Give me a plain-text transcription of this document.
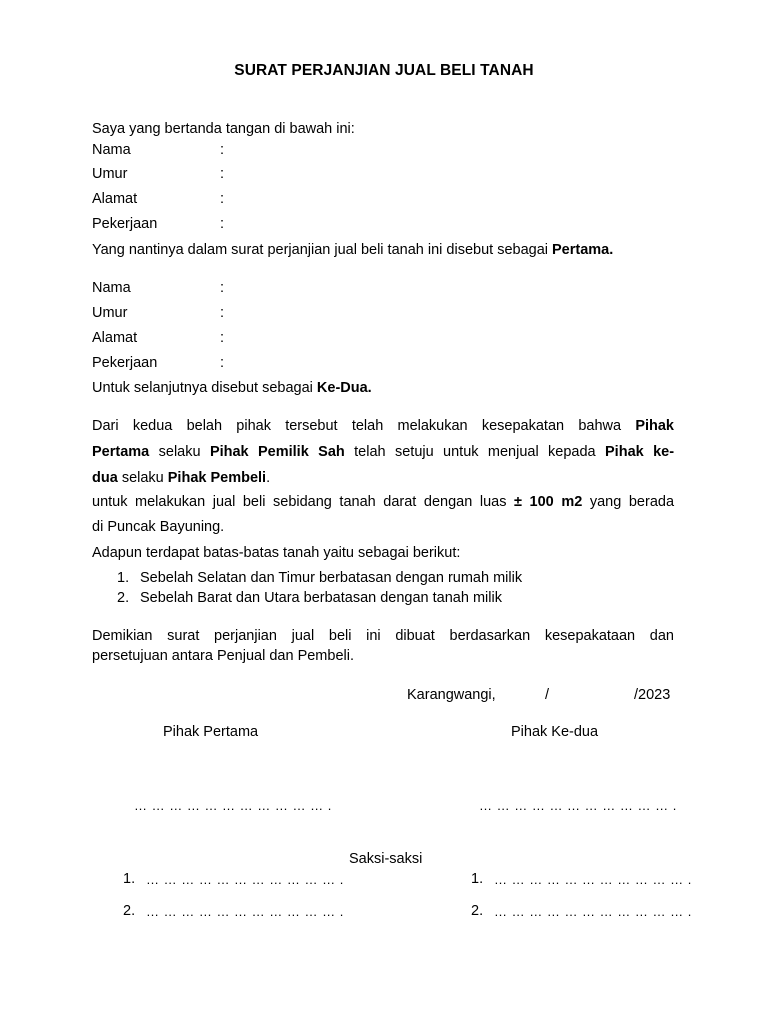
SURAT PERJANJIAN JUAL BELI TANAH
Saya yang bertanda tangan di bawah ini:
Nama	:
Umur	:
Alamat	:
Pekerjaan	:
Yang nantinya dalam surat perjanjian jual beli tanah ini disebut sebagai Pertama.
Nama	:
Umur	:
Alamat	:
Pekerjaan	:
Untuk selanjutnya disebut sebagai Ke-Dua.
Dari kedua belah pihak tersebut telah melakukan kesepakatan bahwa Pihak
Pertama selaku Pihak Pemilik Sah telah setuju untuk menjual kepada Pihak ke-
dua selaku Pihak Pembeli.
untuk melakukan jual beli sebidang tanah darat dengan luas ± 100 m2 yang berada
di Puncak Bayuning.
Adapun terdapat batas-batas tanah yaitu sebagai berikut:
1. Sebelah Selatan dan Timur berbatasan dengan rumah milik
2. Sebelah Barat dan Utara berbatasan dengan tanah milik
Demikian surat perjanjian jual beli ini dibuat berdasarkan kesepakataan dan
persetujuan antara Penjual dan Pembeli.
Karangwangi,	/	/2023
Pihak Pertama	Pihak Ke-dua
… … … … … … … … … … … .	… … … … … … … … … … … .
Saksi-saksi
1. … … … … … … … … … … … .	1. … … … … … … … … … … … .
2. … … … … … … … … … … … .	2. … … … … … … … … … … … .
